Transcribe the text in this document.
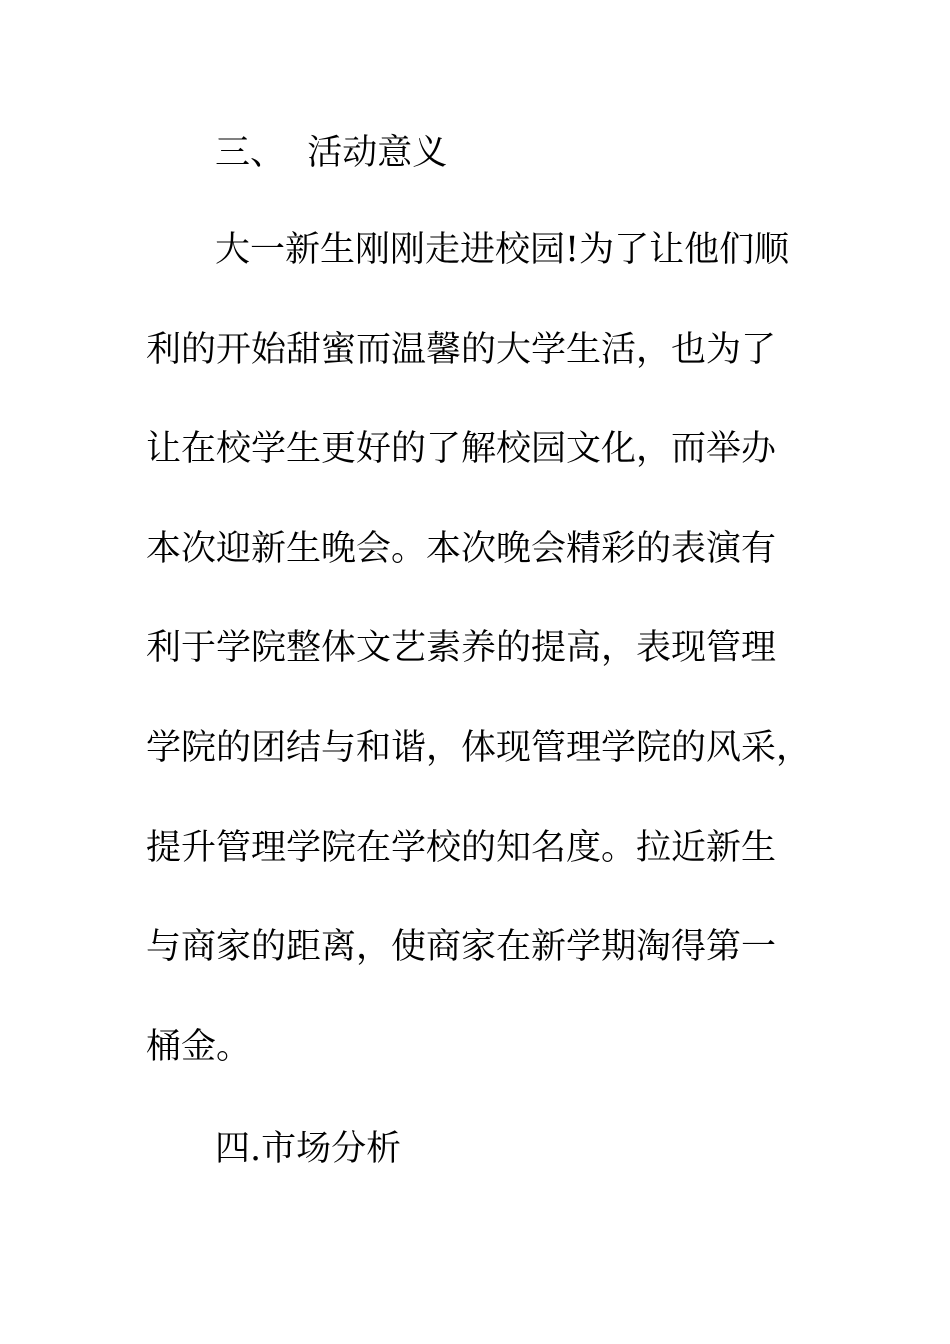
三、  活动意义
大一新生刚刚走进校园!为了让他们顺
利的开始甜蜜而温馨的大学生活，也为了
让在校学生更好的了解校园文化，而举办
本次迎新生晚会。本次晚会精彩的表演有
利于学院整体文艺素养的提高，表现管理
学院的团结与和谐，体现管理学院的风采，
提升管理学院在学校的知名度。拉近新生
与商家的距离，使商家在新学期淘得第一
桶金。
四.市场分析
